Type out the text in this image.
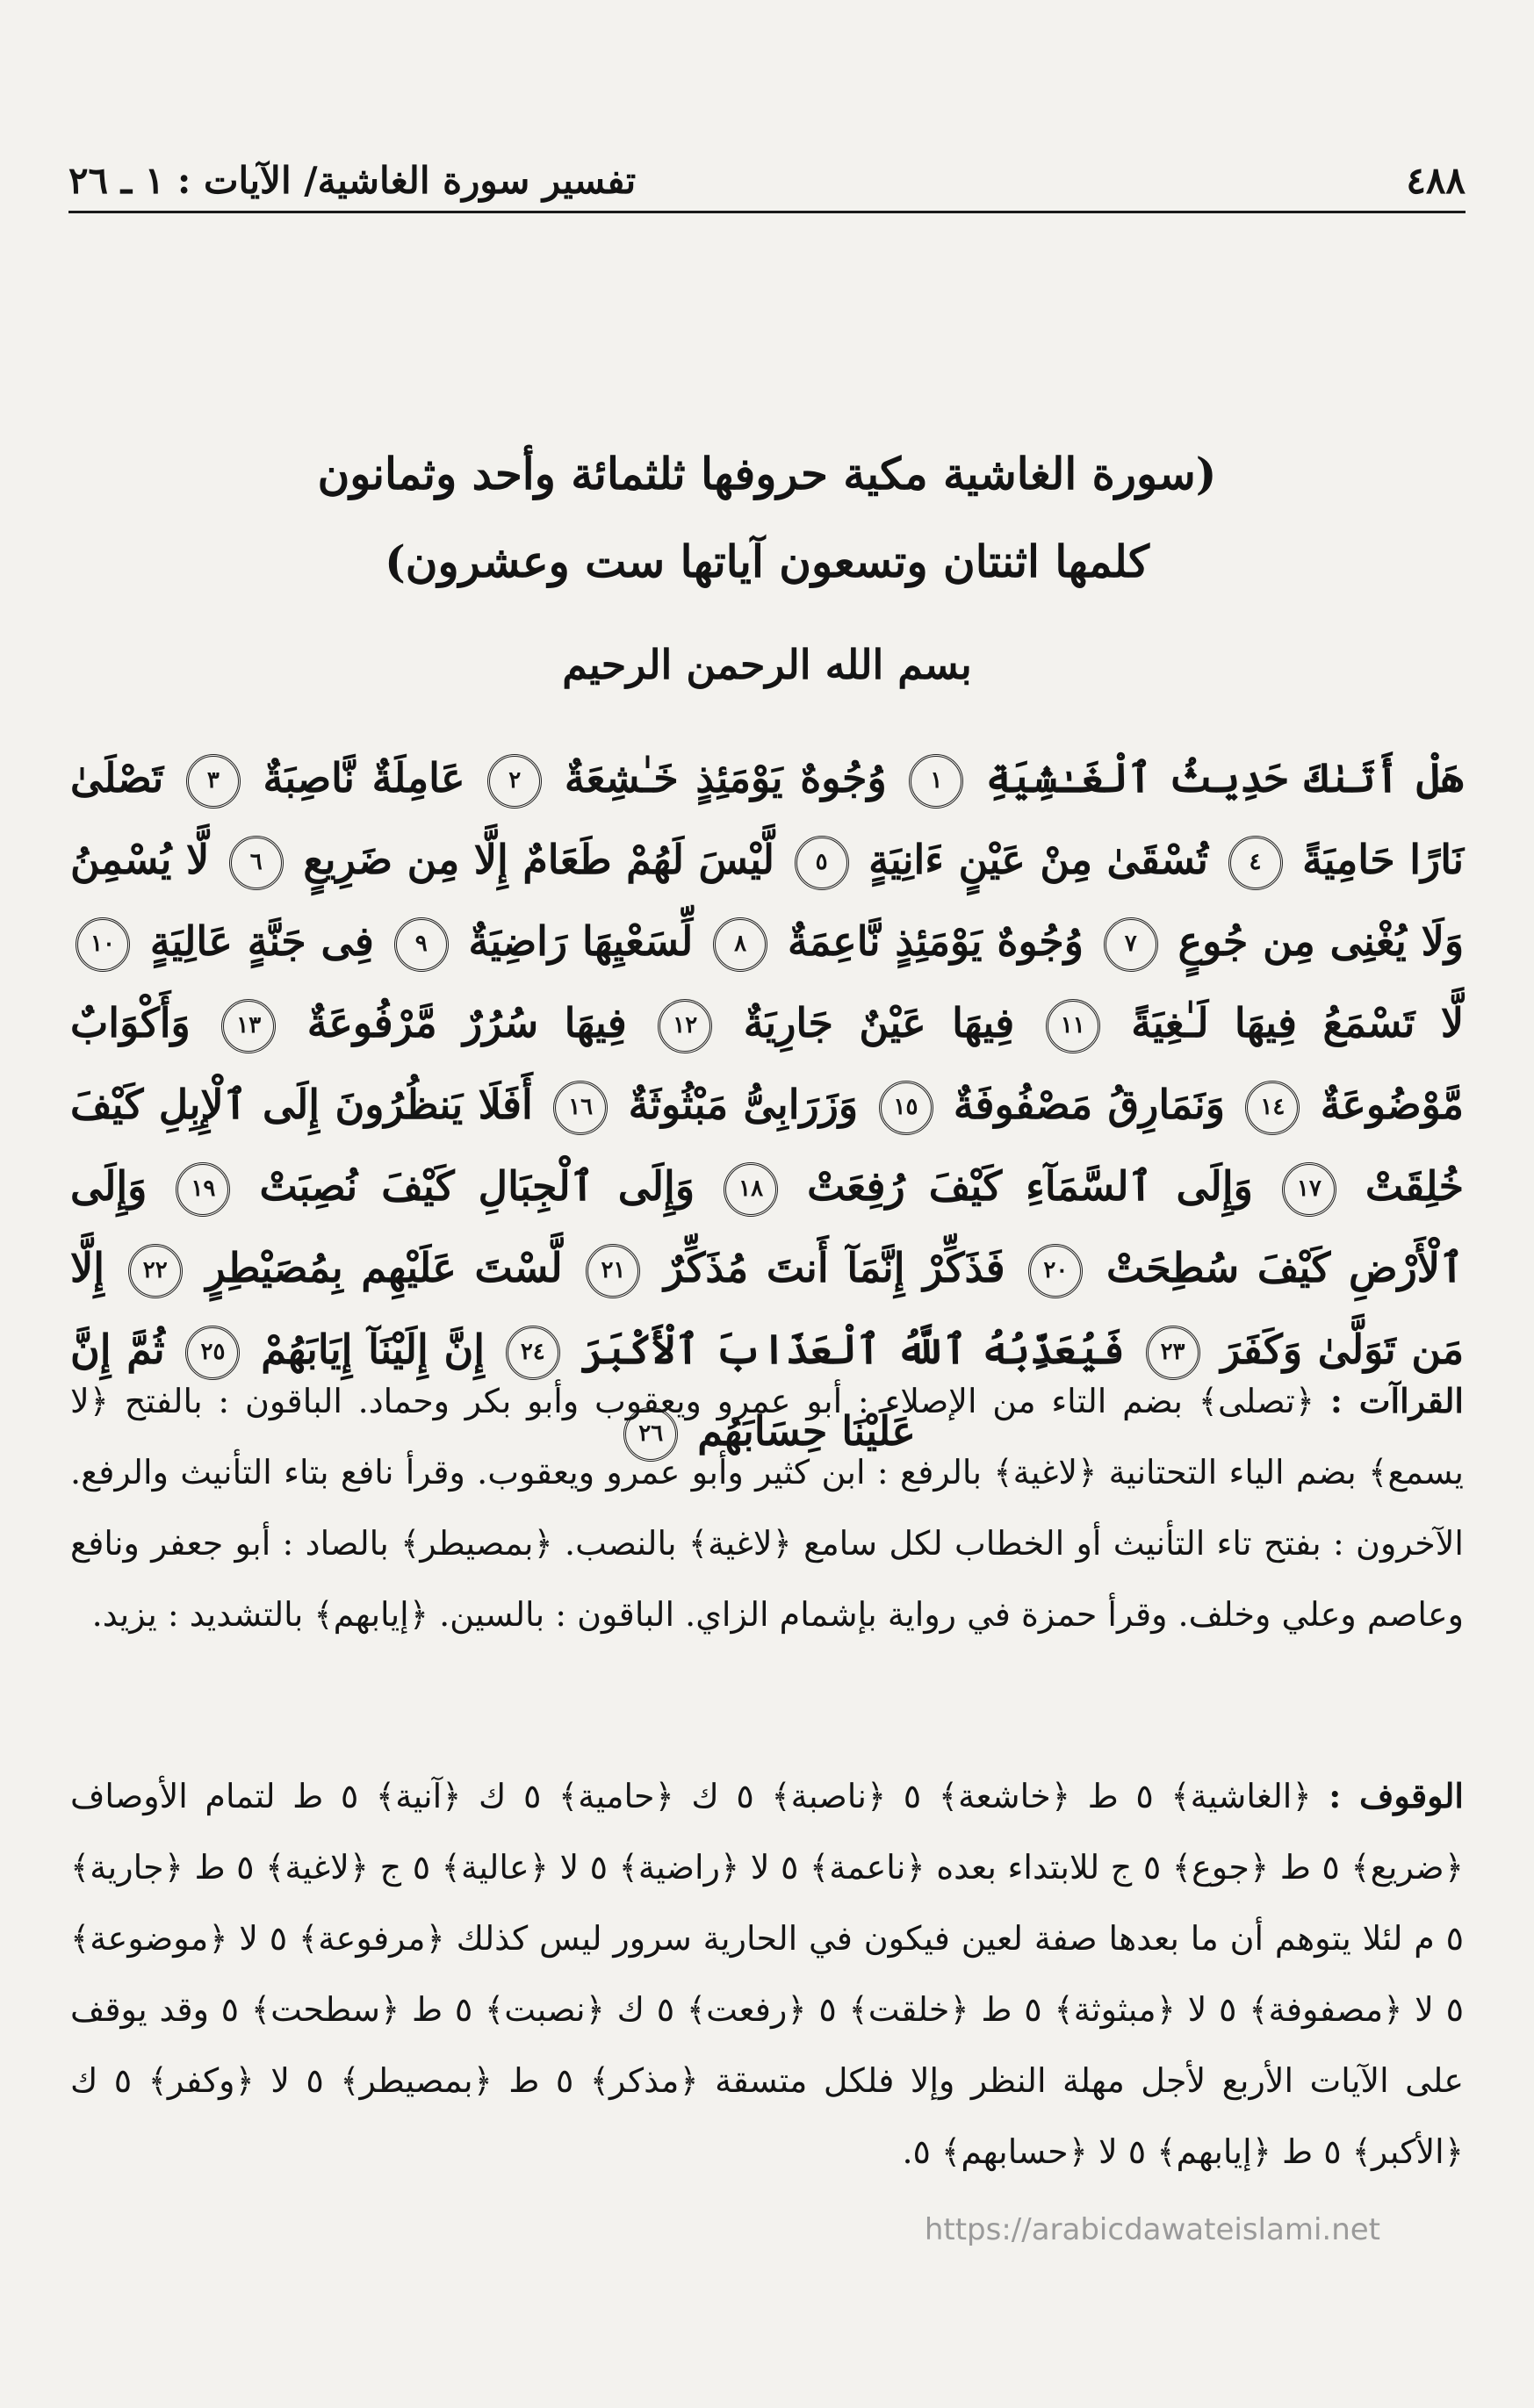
٤٨٨
تفسير سورة الغاشية/ الآيات : ١ ـ ٢٦
(سورة الغاشية مكية حروفها ثلثمائة وأحد وثمانون
كلمها اثنتان وتسعون آياتها ست وعشرون)
بسم الله الرحمن الرحيم
هَلْ أَتَىٰكَ حَدِيثُ ٱلْغَـٰشِيَةِ ١ وُجُوهٌ يَوْمَئِذٍ خَـٰشِعَةٌ ٢ عَامِلَةٌ نَّاصِبَةٌ ٣ تَصْلَىٰ نَارًا حَامِيَةً ٤ تُسْقَىٰ مِنْ عَيْنٍ ءَانِيَةٍ ٥ لَّيْسَ لَهُمْ طَعَامٌ إِلَّا مِن ضَرِيعٍ ٦ لَّا يُسْمِنُ وَلَا يُغْنِى مِن جُوعٍ ٧ وُجُوهٌ يَوْمَئِذٍ نَّاعِمَةٌ ٨ لِّسَعْيِهَا رَاضِيَةٌ ٩ فِى جَنَّةٍ عَالِيَةٍ ١٠ لَّا تَسْمَعُ فِيهَا لَـٰغِيَةً ١١ فِيهَا عَيْنٌ جَارِيَةٌ ١٢ فِيهَا سُرُرٌ مَّرْفُوعَةٌ ١٣ وَأَكْوَابٌ مَّوْضُوعَةٌ ١٤ وَنَمَارِقُ مَصْفُوفَةٌ ١٥ وَزَرَابِىُّ مَبْثُوثَةٌ ١٦ أَفَلَا يَنظُرُونَ إِلَى ٱلْإِبِلِ كَيْفَ خُلِقَتْ ١٧ وَإِلَى ٱلسَّمَآءِ كَيْفَ رُفِعَتْ ١٨ وَإِلَى ٱلْجِبَالِ كَيْفَ نُصِبَتْ ١٩ وَإِلَى ٱلْأَرْضِ كَيْفَ سُطِحَتْ ٢٠ فَذَكِّرْ إِنَّمَآ أَنتَ مُذَكِّرٌ ٢١ لَّسْتَ عَلَيْهِم بِمُصَيْطِرٍ ٢٢ إِلَّا مَن تَوَلَّىٰ وَكَفَرَ ٢٣ فَيُعَذِّبُهُ ٱللَّهُ ٱلْعَذَابَ ٱلْأَكْبَرَ ٢٤ إِنَّ إِلَيْنَآ إِيَابَهُمْ ٢٥ ثُمَّ إِنَّ عَلَيْنَا حِسَابَهُم ٢٦
القراآت : ﴿تصلى﴾ بضم التاء من الإصلاء : أبو عمرو ويعقوب وأبو بكر وحماد. الباقون : بالفتح ﴿لا يسمع﴾ بضم الياء التحتانية ﴿لاغية﴾ بالرفع : ابن كثير وأبو عمرو ويعقوب. وقرأ نافع بتاء التأنيث والرفع. الآخرون : بفتح تاء التأنيث أو الخطاب لكل سامع ﴿لاغية﴾ بالنصب. ﴿بمصيطر﴾ بالصاد : أبو جعفر ونافع وعاصم وعلي وخلف. وقرأ حمزة في رواية بإشمام الزاي. الباقون : بالسين. ﴿إيابهم﴾ بالتشديد : يزيد.
الوقوف : ﴿الغاشية﴾ ٥ ط ﴿خاشعة﴾ ٥ ﴿ناصبة﴾ ٥ ك ﴿حامية﴾ ٥ ك ﴿آنية﴾ ٥ ط لتمام الأوصاف ﴿ضريع﴾ ٥ ط ﴿جوع﴾ ٥ ج للابتداء بعده ﴿ناعمة﴾ ٥ لا ﴿راضية﴾ ٥ لا ﴿عالية﴾ ٥ ج ﴿لاغية﴾ ٥ ط ﴿جارية﴾ ٥ م لئلا يتوهم أن ما بعدها صفة لعين فيكون في الحارية سرور ليس كذلك ﴿مرفوعة﴾ ٥ لا ﴿موضوعة﴾ ٥ لا ﴿مصفوفة﴾ ٥ لا ﴿مبثوثة﴾ ٥ ط ﴿خلقت﴾ ٥ ﴿رفعت﴾ ٥ ك ﴿نصبت﴾ ٥ ط ﴿سطحت﴾ ٥ وقد يوقف على الآيات الأربع لأجل مهلة النظر وإلا فلكل متسقة ﴿مذكر﴾ ٥ ط ﴿بمصيطر﴾ ٥ لا ﴿وكفر﴾ ٥ ك ﴿الأكبر﴾ ٥ ط ﴿إيابهم﴾ ٥ لا ﴿حسابهم﴾ ٥.
https://arabicdawateislami.net
